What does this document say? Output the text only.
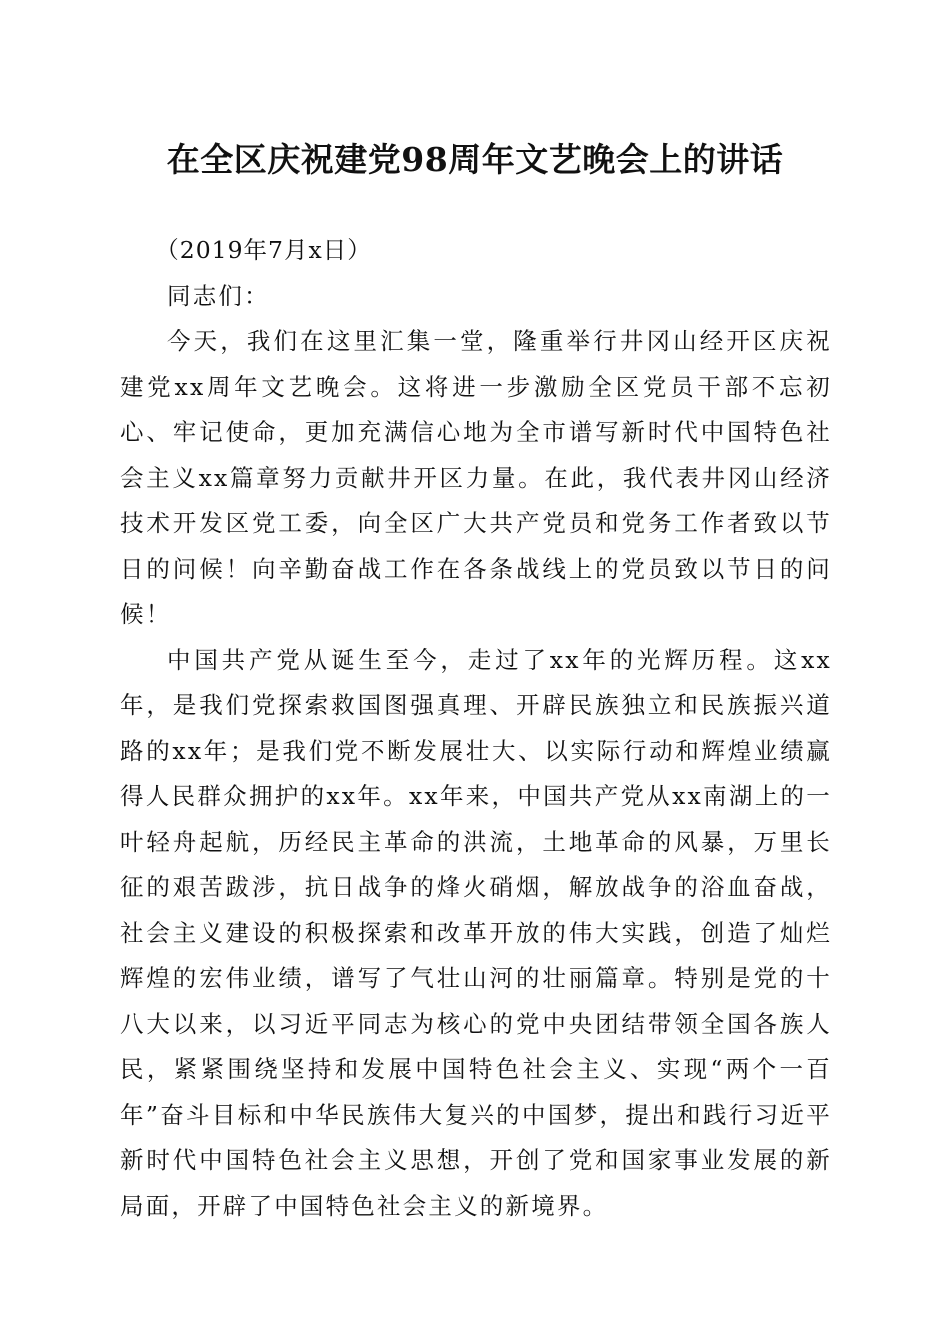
在全区庆祝建党98周年文艺晚会上的讲话

（2019年7月x日）

同志们：

今天，我们在这里汇集一堂，隆重举行井冈山经开区庆祝建党xx周年文艺晚会。这将进一步激励全区党员干部不忘初心、牢记使命，更加充满信心地为全市谱写新时代中国特色社会主义xx篇章努力贡献井开区力量。在此，我代表井冈山经济技术开发区党工委，向全区广大共产党员和党务工作者致以节日的问候！向辛勤奋战工作在各条战线上的党员致以节日的问候！

中国共产党从诞生至今，走过了xx年的光辉历程。这xx年，是我们党探索救国图强真理、开辟民族独立和民族振兴道路的xx年；是我们党不断发展壮大、以实际行动和辉煌业绩赢得人民群众拥护的xx年。xx年来，中国共产党从xx南湖上的一叶轻舟起航，历经民主革命的洪流，土地革命的风暴，万里长征的艰苦跋涉，抗日战争的烽火硝烟，解放战争的浴血奋战，社会主义建设的积极探索和改革开放的伟大实践，创造了灿烂辉煌的宏伟业绩，谱写了气壮山河的壮丽篇章。特别是党的十八大以来，以习近平同志为核心的党中央团结带领全国各族人民，紧紧围绕坚持和发展中国特色社会主义、实现“两个一百年”奋斗目标和中华民族伟大复兴的中国梦，提出和践行习近平新时代中国特色社会主义思想，开创了党和国家事业发展的新局面，开辟了中国特色社会主义的新境界。
